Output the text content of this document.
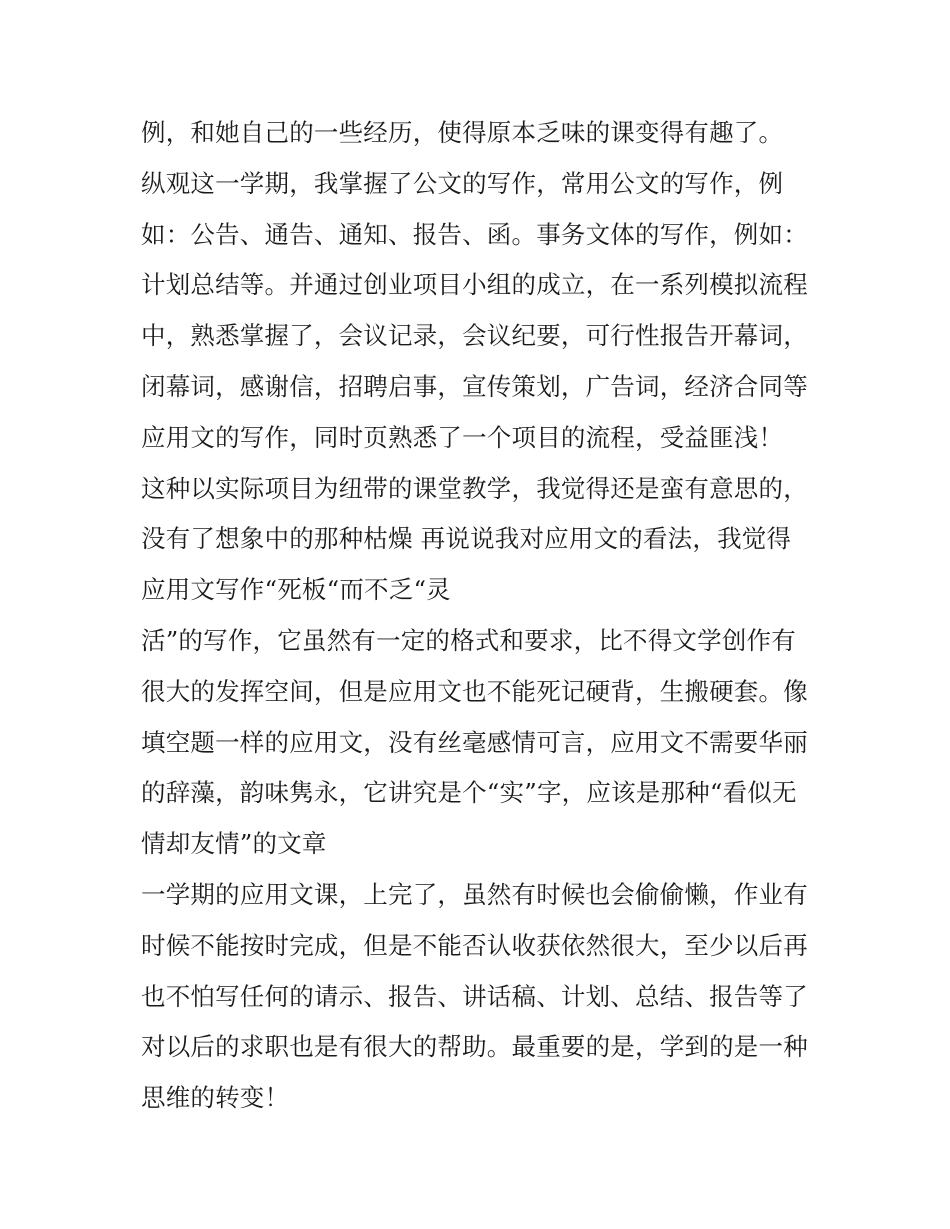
例，和她自己的一些经历，使得原本乏味的课变得有趣了。
纵观这一学期，我掌握了公文的写作，常用公文的写作，例
如：公告、通告、通知、报告、函。事务文体的写作，例如：
计划总结等。并通过创业项目小组的成立，在一系列模拟流程
中，熟悉掌握了，会议记录，会议纪要，可行性报告开幕词，
闭幕词，感谢信，招聘启事，宣传策划，广告词，经济合同等
应用文的写作，同时页熟悉了一个项目的流程，受益匪浅！
这种以实际项目为纽带的课堂教学，我觉得还是蛮有意思的，
没有了想象中的那种枯燥 再说说我对应用文的看法，我觉得
应用文写作“死板“而不乏“灵
活”的写作，它虽然有一定的格式和要求，比不得文学创作有
很大的发挥空间，但是应用文也不能死记硬背，生搬硬套。像
填空题一样的应用文，没有丝毫感情可言，应用文不需要华丽
的辞藻，韵味隽永，它讲究是个“实”字，应该是那种“看似无
情却友情”的文章
一学期的应用文课，上完了，虽然有时候也会偷偷懒，作业有
时候不能按时完成，但是不能否认收获依然很大，至少以后再
也不怕写任何的请示、报告、讲话稿、计划、总结、报告等了
对以后的求职也是有很大的帮助。最重要的是，学到的是一种
思维的转变！
